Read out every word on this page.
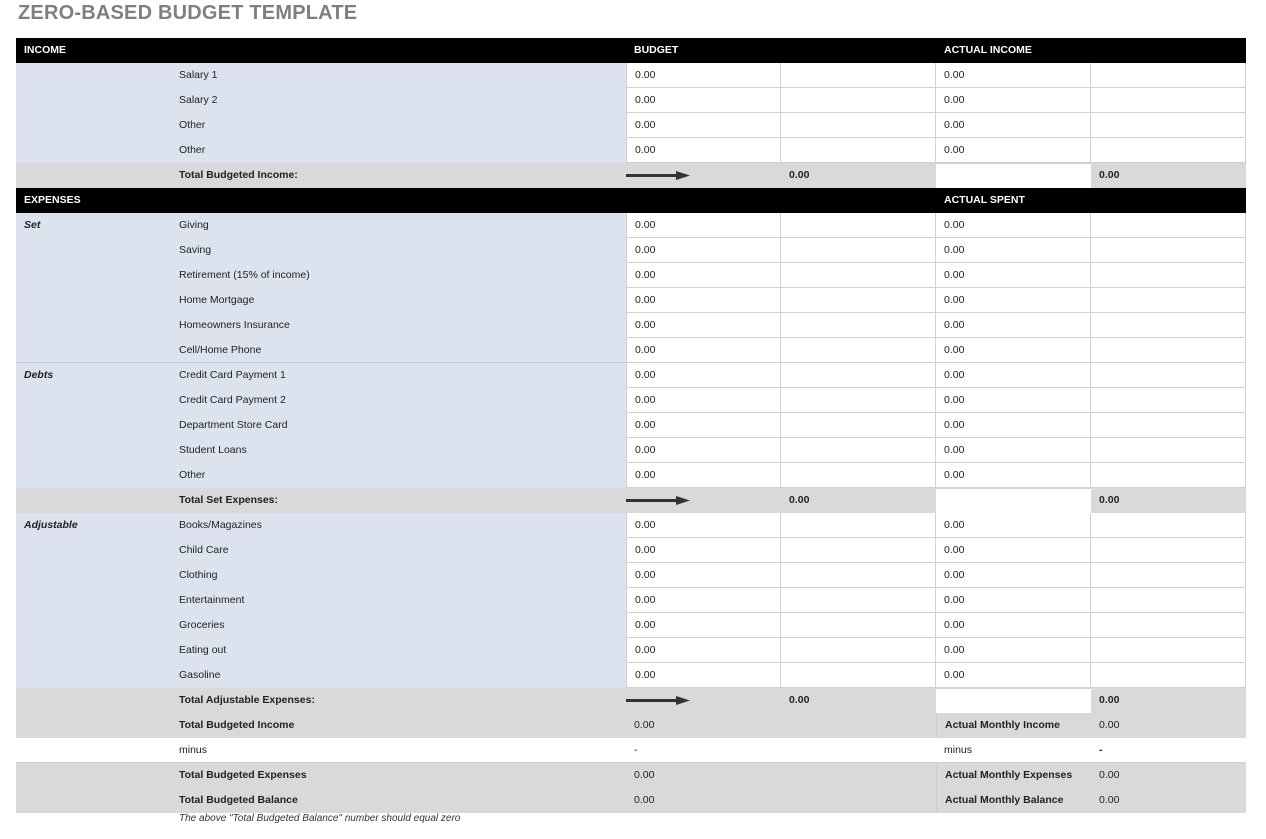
ZERO-BASED BUDGET TEMPLATE
INCOME	BUDGET	ACTUAL INCOME
Salary 1	0.00	0.00
Salary 2	0.00	0.00
Other	0.00	0.00
Other	0.00	0.00
Total Budgeted Income:	0.00	0.00
EXPENSES	ACTUAL SPENT
Set	Giving	0.00	0.00
Saving	0.00	0.00
Retirement (15% of income)	0.00	0.00
Home Mortgage	0.00	0.00
Homeowners Insurance	0.00	0.00
Cell/Home Phone	0.00	0.00
Debts	Credit Card Payment 1	0.00	0.00
Credit Card Payment 2	0.00	0.00
Department Store Card	0.00	0.00
Student Loans	0.00	0.00
Other	0.00	0.00
Total Set Expenses:	0.00	0.00
Adjustable	Books/Magazines	0.00	0.00
Child Care	0.00	0.00
Clothing	0.00	0.00
Entertainment	0.00	0.00
Groceries	0.00	0.00
Eating out	0.00	0.00
Gasoline	0.00	0.00
Total Adjustable Expenses:	0.00	0.00
Total Budgeted Income	0.00	Actual Monthly Income	0.00
minus	-	minus	-
Total Budgeted Expenses	0.00	Actual Monthly Expenses	0.00
Total Budgeted Balance	0.00	Actual Monthly Balance	0.00
The above "Total Budgeted Balance" number should equal zero
